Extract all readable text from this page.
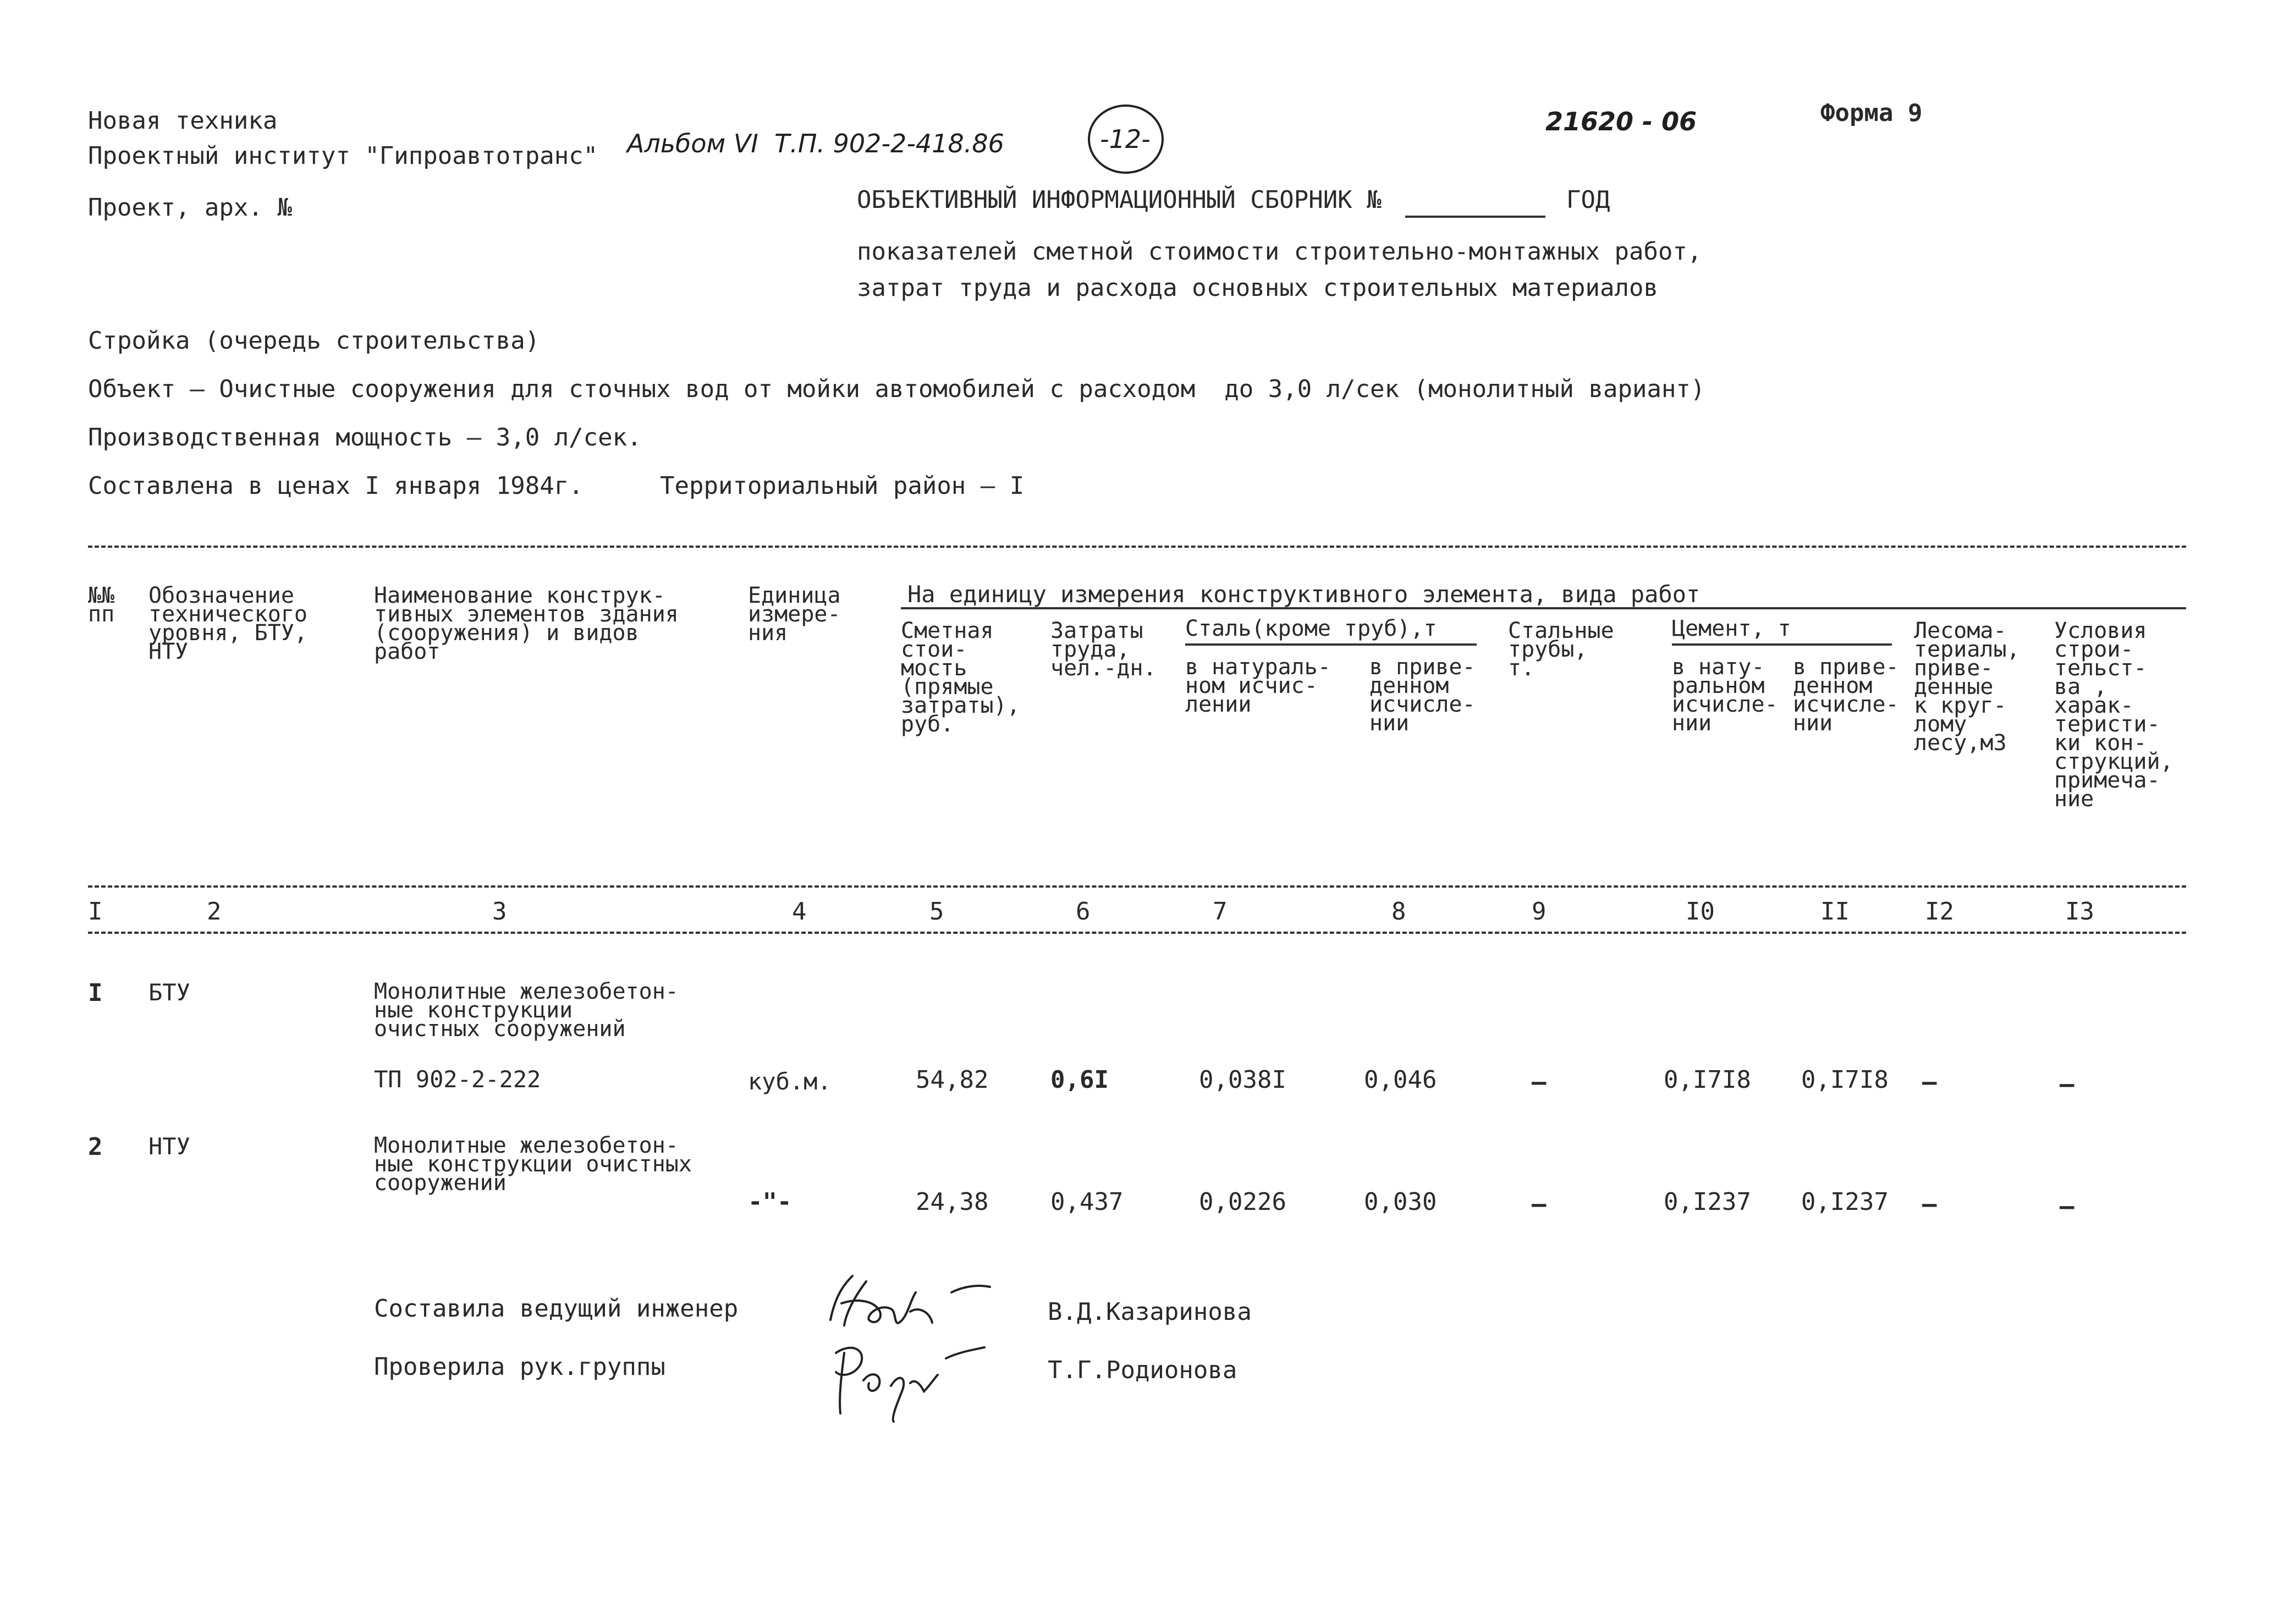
Новая техника
Проектный институт "Гипроавтотранс" Альбом VI  Т.П. 902-2-418.86	-12-
21620 - 06	Форма 9
Проект, арх. №	ОБЪЕКТИВНЫЙ ИНФОРМАЦИОННЫЙ СБОРНИК №	ГОД
показателей сметной стоимости строительно-монтажных работ,
затрат труда и расхода основных строительных материалов
Стройка (очередь строительства)
Объект – Очистные сооружения для сточных вод от мойки автомобилей с расходом  до 3,0 л/сек (монолитный вариант)
Производственная мощность – 3,0 л/сек.
Составлена в ценах I января 1984г.	Территориальный район – I
№№
пп
Обозначение
технического
уровня, БТУ,
НТУ
Наименование конструк-
тивных элементов здания
(сооружения) и видов
работ
Единица
измере-
ния
На единицу измерения конструктивного элемента, вида работ
Сметная
стои-
мость
(прямые
затраты),
руб.
Затраты
труда,
чел.-дн.
Сталь(кроме труб),т
в натураль-
ном исчис-
лении
в приве-
денном
исчисле-
нии
Стальные
трубы,
т.
Цемент, т
в нату-
ральном
исчисле-
нии
в приве-
денном
исчисле-
нии
Лесома-
териалы,
приве-
денные
к круг-
лому
лесу,м3
Условия
строи-
тельст-
ва ,
харак-
теристи-
ки кон-
струкций,
примеча-
ние
I	2	3	4	5	6	7	8	9	I0	II	I2	I3
I БТУ	Монолитные железобетон-
ные конструкции
очистных сооружений
ТП 902-2-222	куб.м.	54,82	0,6I	0,038I	0,046	–	0,I7I8 0,I7I8 –	–
2 НТУ	Монолитные железобетон-
ные конструкции очистных
сооружений
-"-	24,38	0,437	0,0226	0,030	–	0,I237 0,I237 –	–
Составила ведущий инженер	В.Д.Казаринова
Проверила рук.группы	Т.Г.Родионова
